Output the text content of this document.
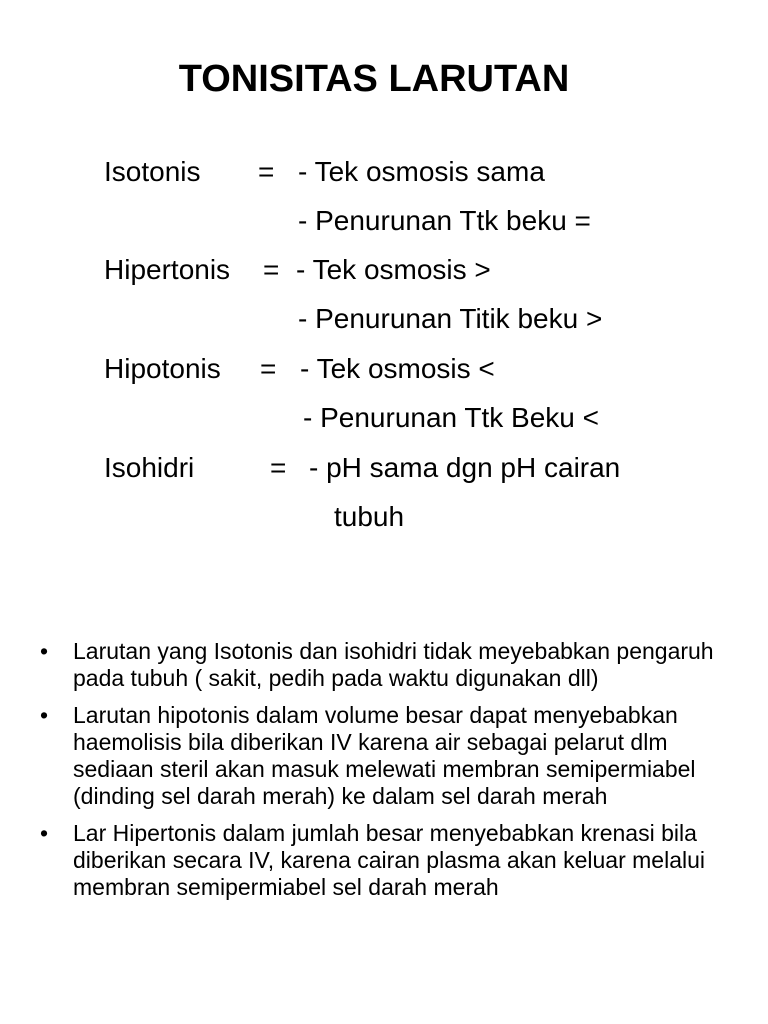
TONISITAS LARUTAN
Isotonis = - Tek osmosis sama
- Penurunan Ttk beku =
Hipertonis = - Tek osmosis >
- Penurunan Titik beku >
Hipotonis = - Tek osmosis <
- Penurunan Ttk Beku <
Isohidri	= - pH sama dgn pH cairan
tubuh
• Larutan yang Isotonis dan isohidri tidak meyebabkan pengaruh pada tubuh ( sakit, pedih pada waktu digunakan dll)
• Larutan hipotonis dalam volume besar dapat menyebabkan haemolisis bila diberikan IV karena air sebagai pelarut dlm sediaan steril akan masuk melewati membran semipermiabel (dinding sel darah merah) ke dalam sel darah merah
• Lar Hipertonis dalam jumlah besar menyebabkan krenasi bila diberikan secara IV, karena cairan plasma akan keluar melalui membran semipermiabel sel darah merah
